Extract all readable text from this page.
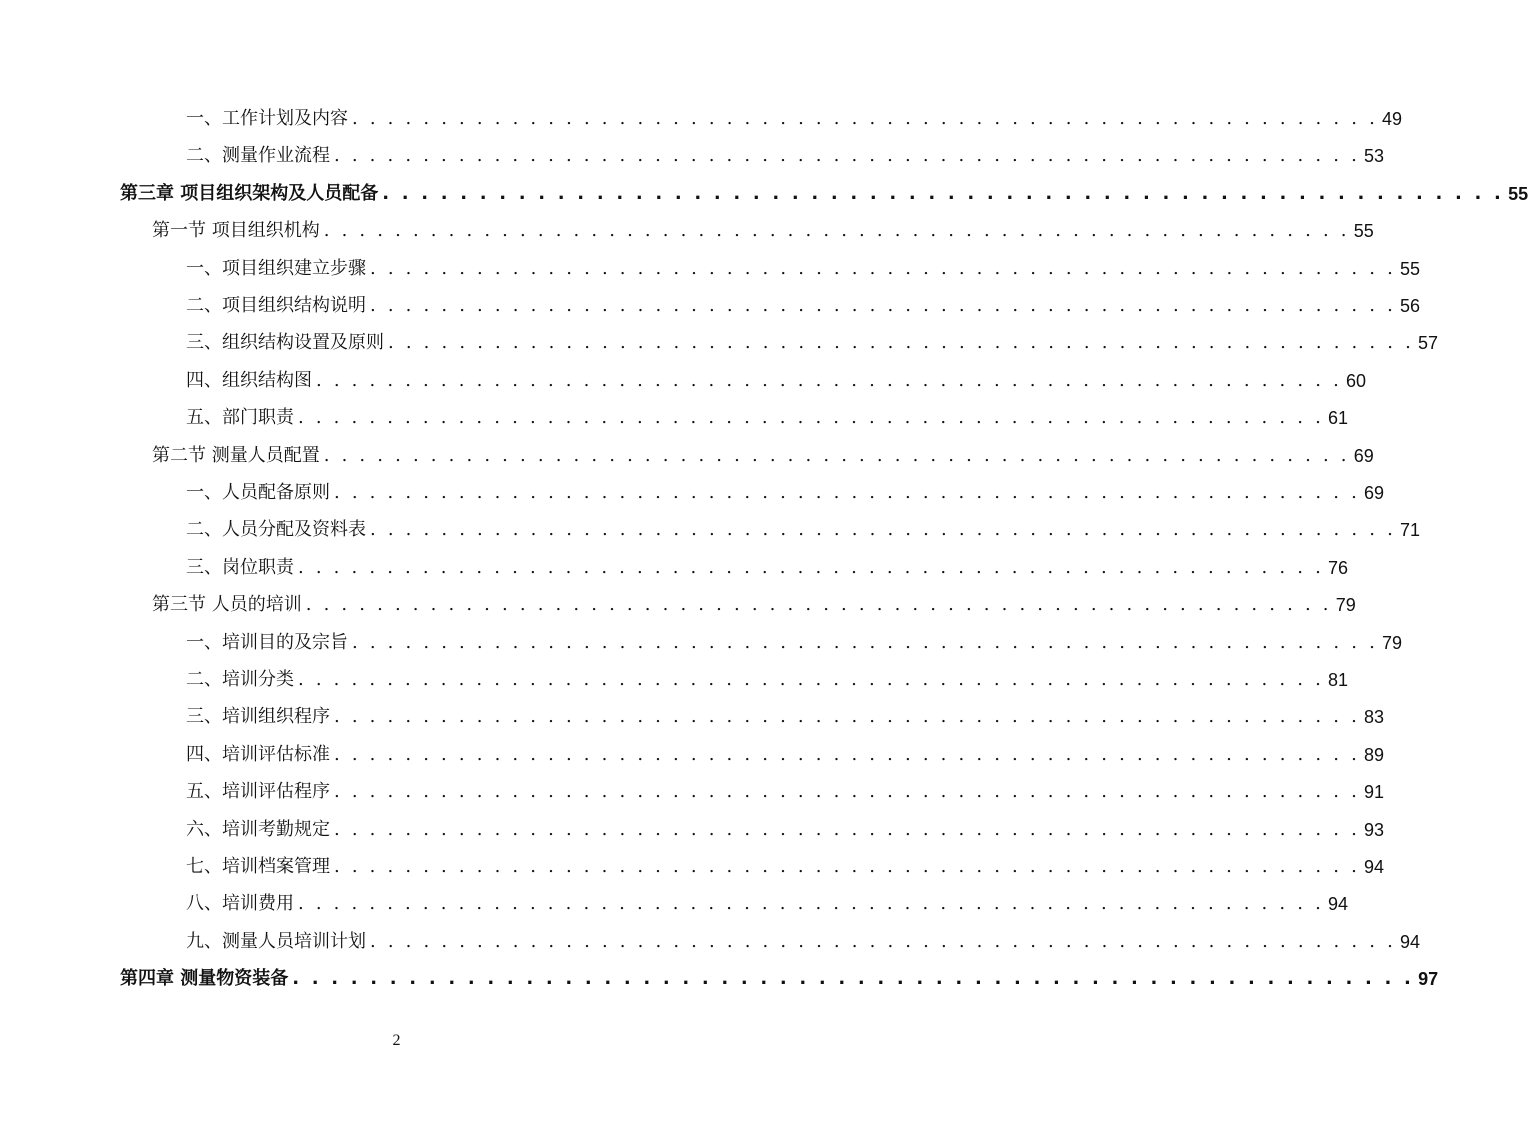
一、工作计划及内容 . . . . . . . . . . . . . . . . . . . . . . . . . . . . . . . . . . . . . . . . . . . . . . . . . . . . . . . . . . 49
二、测量作业流程 . . . . . . . . . . . . . . . . . . . . . . . . . . . . . . . . . . . . . . . . . . . . . . . . . . . . . . . . . . 53
第三章 项目组织架构及人员配备 . . . . . . . . . . . . . . . . . . . . . . . . . . . . . . . . . . . . . . . . . . . . . . . . . . . . . . . . . . 55
第一节 项目组织机构 . . . . . . . . . . . . . . . . . . . . . . . . . . . . . . . . . . . . . . . . . . . . . . . . . . . . . . . . . . 55
一、项目组织建立步骤 . . . . . . . . . . . . . . . . . . . . . . . . . . . . . . . . . . . . . . . . . . . . . . . . . . . . . . . . . . 55
二、项目组织结构说明 . . . . . . . . . . . . . . . . . . . . . . . . . . . . . . . . . . . . . . . . . . . . . . . . . . . . . . . . . . 56
三、组织结构设置及原则 . . . . . . . . . . . . . . . . . . . . . . . . . . . . . . . . . . . . . . . . . . . . . . . . . . . . . . . . . . 57
四、组织结构图 . . . . . . . . . . . . . . . . . . . . . . . . . . . . . . . . . . . . . . . . . . . . . . . . . . . . . . . . . . 60
五、部门职责 . . . . . . . . . . . . . . . . . . . . . . . . . . . . . . . . . . . . . . . . . . . . . . . . . . . . . . . . . . 61
第二节 测量人员配置 . . . . . . . . . . . . . . . . . . . . . . . . . . . . . . . . . . . . . . . . . . . . . . . . . . . . . . . . . . 69
一、人员配备原则 . . . . . . . . . . . . . . . . . . . . . . . . . . . . . . . . . . . . . . . . . . . . . . . . . . . . . . . . . . 69
二、人员分配及资料表 . . . . . . . . . . . . . . . . . . . . . . . . . . . . . . . . . . . . . . . . . . . . . . . . . . . . . . . . . . 71
三、岗位职责 . . . . . . . . . . . . . . . . . . . . . . . . . . . . . . . . . . . . . . . . . . . . . . . . . . . . . . . . . . 76
第三节 人员的培训 . . . . . . . . . . . . . . . . . . . . . . . . . . . . . . . . . . . . . . . . . . . . . . . . . . . . . . . . . . 79
一、培训目的及宗旨 . . . . . . . . . . . . . . . . . . . . . . . . . . . . . . . . . . . . . . . . . . . . . . . . . . . . . . . . . . 79
二、培训分类 . . . . . . . . . . . . . . . . . . . . . . . . . . . . . . . . . . . . . . . . . . . . . . . . . . . . . . . . . . 81
三、培训组织程序 . . . . . . . . . . . . . . . . . . . . . . . . . . . . . . . . . . . . . . . . . . . . . . . . . . . . . . . . . . 83
四、培训评估标准 . . . . . . . . . . . . . . . . . . . . . . . . . . . . . . . . . . . . . . . . . . . . . . . . . . . . . . . . . . 89
五、培训评估程序 . . . . . . . . . . . . . . . . . . . . . . . . . . . . . . . . . . . . . . . . . . . . . . . . . . . . . . . . . . 91
六、培训考勤规定 . . . . . . . . . . . . . . . . . . . . . . . . . . . . . . . . . . . . . . . . . . . . . . . . . . . . . . . . . . 93
七、培训档案管理 . . . . . . . . . . . . . . . . . . . . . . . . . . . . . . . . . . . . . . . . . . . . . . . . . . . . . . . . . . 94
八、培训费用 . . . . . . . . . . . . . . . . . . . . . . . . . . . . . . . . . . . . . . . . . . . . . . . . . . . . . . . . . . 94
九、测量人员培训计划 . . . . . . . . . . . . . . . . . . . . . . . . . . . . . . . . . . . . . . . . . . . . . . . . . . . . . . . . . . 94
第四章 测量物资装备 . . . . . . . . . . . . . . . . . . . . . . . . . . . . . . . . . . . . . . . . . . . . . . . . . . . . . . . . . . 97
2
